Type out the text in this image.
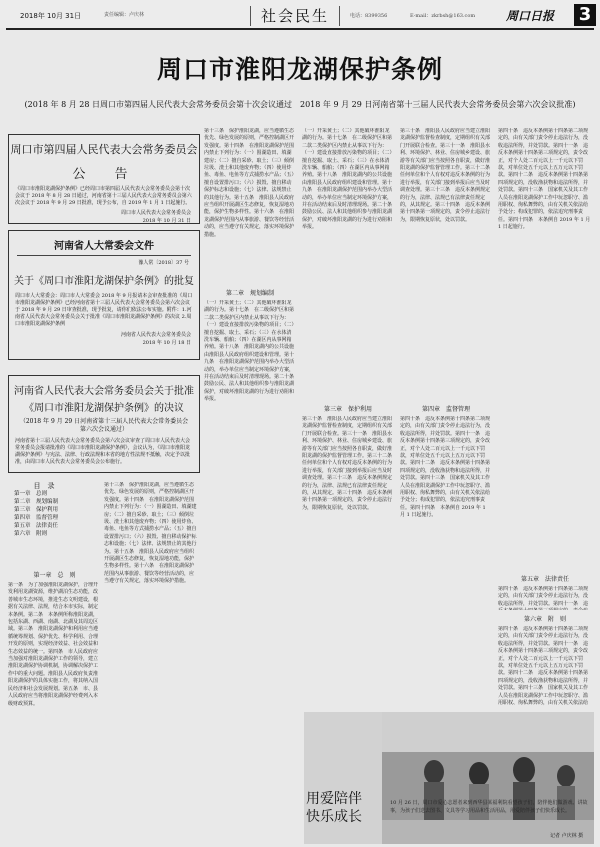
2018年 10月 31日	责任编辑：卢庆林	社会民生	电话：8399356	E-mail：zkrbsh@163.com	周口日报 3
周口市淮阳龙湖保护条例
(2018 年 8 月 28 日周口市第四届人民代表大会常务委员会第十次会议通过　2018 年 9 月 29 日河南省第十三届人民代表大会常务委员会第六次会议批准)
周口市第四届人民代表大会常务委员会
公　告
《周口市淮阳龙湖保护条例》已经周口市第四届人民代表大会常务委员会第十次会议于 2018 年 8 月 28 日通过，河南省第十三届人民代表大会常务委员会第六次会议于 2018 年 9 月 29 日批准，现予公布，自 2019 年 1 月 1 日起施行。
周口市人民代表大会常务委员会
2018 年 10 月 31 日
河南省人大常委会文件
豫人常〔2018〕37 号
关于《周口市淮阳龙湖保护条例》的批复
周口市人大常委会：周口市人大常委会 2018 年 9 月报请本会审查批准的《周口市淮阳龙湖保护条例》已经河南省第十三届人民代表大会常务委员会第六次会议于 2018 年 9 月 29 日审查批准，现予批复，请你们依法公布实施。附件：1.河南省人民代表大会常务委员会关于批准《周口市淮阳龙湖保护条例》的决议 2.周口市淮阳龙湖保护条例
河南省人民代表大会常务委员会
2018 年 10 月 18 日
河南省人民代表大会常务委员会关于批准
《周口市淮阳龙湖保护条例》的决议
（2018 年 9 月 29 日河南省第十三届人民代表大会常务委员会第六次会议通过）
河南省第十三届人民代表大会常务委员会第六次会议审查了周口市人民代表大会常务委员会报请批准的《周口市淮阳龙湖保护条例》，会议认为，《周口市淮阳龙湖保护条例》与宪法、法律、行政法规和本省的地方性法规不抵触，决定予以批准，由周口市人民代表大会常务委员会公布施行。
目　录
第一章　总则
第二章　规划编制
第三章　保护利用
第四章　监督管理
第五章　法律责任
第六章　附则
第一章　总　则
第一条　为了加强淮阳龙湖保护，合理开发利用龙湖资源，维护湖泊生态功能，改善城市生态环境，推进生态文明建设，根据有关法律、法规，结合本市实际，制定本条例。第二条　本条例所称淮阳龙湖，包括东湖、西湖、南湖、北湖及其周边区域。第三条　淮阳龙湖保护和利用应当遵循统筹规划、保护优先、科学利用、合理开发的原则，实现经济效益、社会效益和生态效益的统一。第四条　市人民政府应当加强对淮阳龙湖保护工作的领导，建立淮阳龙湖保护协调机制，协调解决保护工作中的重大问题。淮阳县人民政府负责淮阳龙湖保护的具体实施工作，将其纳入国民经济和社会发展规划。第五条　市、县人民政府应当将淮阳龙湖保护经费列入本级财政预算。
第十三条　保护淮阳龙湖，应当遵循生态优先、绿色发展的原则，严格控制湖区开发强度。第十四条　在淮阳龙湖保护范围内禁止下列行为：（一）围湖造田、填湖建房；（二）擅自采砂、取土；（三）倾倒垃圾、渣土和其他废弃物；（四）使用炸鱼、毒鱼、电鱼等方式捕捞水产品；（五）擅自设置排污口；（六）损毁、擅自移动保护标志和设施；（七）法律、法规禁止的其他行为。第十五条　淮阳县人民政府应当组织开展湖区生态修复，恢复湿地功能，保护生物多样性。第十六条　在淮阳龙湖保护范围内从事旅游、餐饮等经营活动的，应当遵守有关规定，落实环境保护措施。
第十三条　保护淮阳龙湖，应当遵循生态优先、绿色发展的原则，严格控制湖区开发强度。第十四条　在淮阳龙湖保护范围内禁止下列行为：（一）围湖造田、填湖建房；（二）擅自采砂、取土；（三）倾倒垃圾、渣土和其他废弃物；（四）使用炸鱼、毒鱼、电鱼等方式捕捞水产品；（五）擅自设置排污口；（六）损毁、擅自移动保护标志和设施；（七）法律、法规禁止的其他行为。第十五条　淮阳县人民政府应当组织开展湖区生态修复，恢复湿地功能，保护生物多样性。第十六条　在淮阳龙湖保护范围内从事旅游、餐饮等经营活动的，应当遵守有关规定，落实环境保护措施。
第二章　规划编制
（一）开采黄土；（二）其他破坏淮阳龙湖的行为。第十七条　在二级保护区和第二款二类保护区内禁止从事以下行为：（一）建设直接排放污染物的项目；（二）擅自挖掘、取土、采石；（三）在水体清洗车辆、船舶；（四）在湖区内从事网箱养殖。第十八条　淮阳龙湖内的公共设施由淮阳县人民政府组织建设和管理。第十九条　在淮阳龙湖保护范围内举办大型活动的，举办单位应当制定环境保护方案，并在活动结束后及时清理现场。第二十条　鼓励公民、法人和其他组织参与淮阳龙湖保护，对破坏淮阳龙湖的行为进行劝阻和举报。
（一）开采黄土；（二）其他破坏淮阳龙湖的行为。第十七条　在二级保护区和第二款二类保护区内禁止从事以下行为：（一）建设直接排放污染物的项目；（二）擅自挖掘、取土、采石；（三）在水体清洗车辆、船舶；（四）在湖区内从事网箱养殖。第十八条　淮阳龙湖内的公共设施由淮阳县人民政府组织建设和管理。第十九条　在淮阳龙湖保护范围内举办大型活动的，举办单位应当制定环境保护方案，并在活动结束后及时清理现场。第二十条　鼓励公民、法人和其他组织参与淮阳龙湖保护，对破坏淮阳龙湖的行为进行劝阻和举报。
第三章　保护利用
第三十条　淮阳县人民政府应当建立淮阳龙湖保护监督检查制度，定期组织有关部门开展联合检查。第三十一条　淮阳县水利、环境保护、林业、住房城乡建设、旅游等有关部门应当按照各自职责，做好淮阳龙湖的保护监督管理工作。第三十二条　任何单位和个人有权对违反本条例的行为进行举报，有关部门接到举报后应当及时调查处理。第三十三条　违反本条例规定的行为，法律、法规已有法律责任规定的，从其规定。第三十四条　违反本条例第十四条第一项规定的，责令停止违法行为，限期恢复原状，处以罚款。
第三十条　淮阳县人民政府应当建立淮阳龙湖保护监督检查制度，定期组织有关部门开展联合检查。第三十一条　淮阳县水利、环境保护、林业、住房城乡建设、旅游等有关部门应当按照各自职责，做好淮阳龙湖的保护监督管理工作。第三十二条　任何单位和个人有权对违反本条例的行为进行举报，有关部门接到举报后应当及时调查处理。第三十三条　违反本条例规定的行为，法律、法规已有法律责任规定的，从其规定。第三十四条　违反本条例第十四条第一项规定的，责令停止违法行为，限期恢复原状，处以罚款。
第四章　监督管理
第四十条　违反本条例第十四条第二项规定的，由有关部门责令停止违法行为，没收违法所得，并处罚款。第四十一条　违反本条例第十四条第三项规定的，责令改正，对个人处二百元以上一千元以下罚款，对单位处五千元以上五万元以下罚款。第四十二条　违反本条例第十四条第四项规定的，没收渔获物和违法所得，并处罚款。第四十三条　国家机关及其工作人员在淮阳龙湖保护工作中玩忽职守、滥用职权、徇私舞弊的，由有关机关依法给予处分；构成犯罪的，依法追究刑事责任。第四十四条　本条例自 2019 年 1 月 1 日起施行。
第四十条　违反本条例第十四条第二项规定的，由有关部门责令停止违法行为，没收违法所得，并处罚款。第四十一条　违反本条例第十四条第三项规定的，责令改正，对个人处二百元以上一千元以下罚款，对单位处五千元以上五万元以下罚款。第四十二条　违反本条例第十四条第四项规定的，没收渔获物和违法所得，并处罚款。第四十三条　国家机关及其工作人员在淮阳龙湖保护工作中玩忽职守、滥用职权、徇私舞弊的，由有关机关依法给予处分；构成犯罪的，依法追究刑事责任。第四十四条　本条例自 2019 年 1 月 1 日起施行。
第五章　法律责任
第四十条　违反本条例第十四条第二项规定的，由有关部门责令停止违法行为，没收违法所得，并处罚款。第四十一条　违　　　
第六章　附　则
第四十条　违反本条例第十四条第二项规定的，由有关部门责令停止违法行为，没收违法所得，并处罚款。第四十一条　违反本条例第十四条第三项规定的，责令改正，对个人处二百元以上一千元以下罚款，对单位处五千元以上五万元以下罚款。第四十二条　违反本条例第十四条第四项规定的，没收渔获物和违法所得，并处罚款。第四十三条　国家机关及其工作人员在淮阳龙湖保护工作中玩忽职守、滥用职权、徇私舞弊的，由有关机关依法给　
用爱陪伴
快乐成长
10 月 26 日，周口市爱心志愿者来到西华县某福利院看望孩子们，陪伴他们做游戏、讲故事，为孩子们送去图书、文具等学习用品和生活用品，用爱陪伴孩子们快乐成长。
记者 卢庆林 摄
